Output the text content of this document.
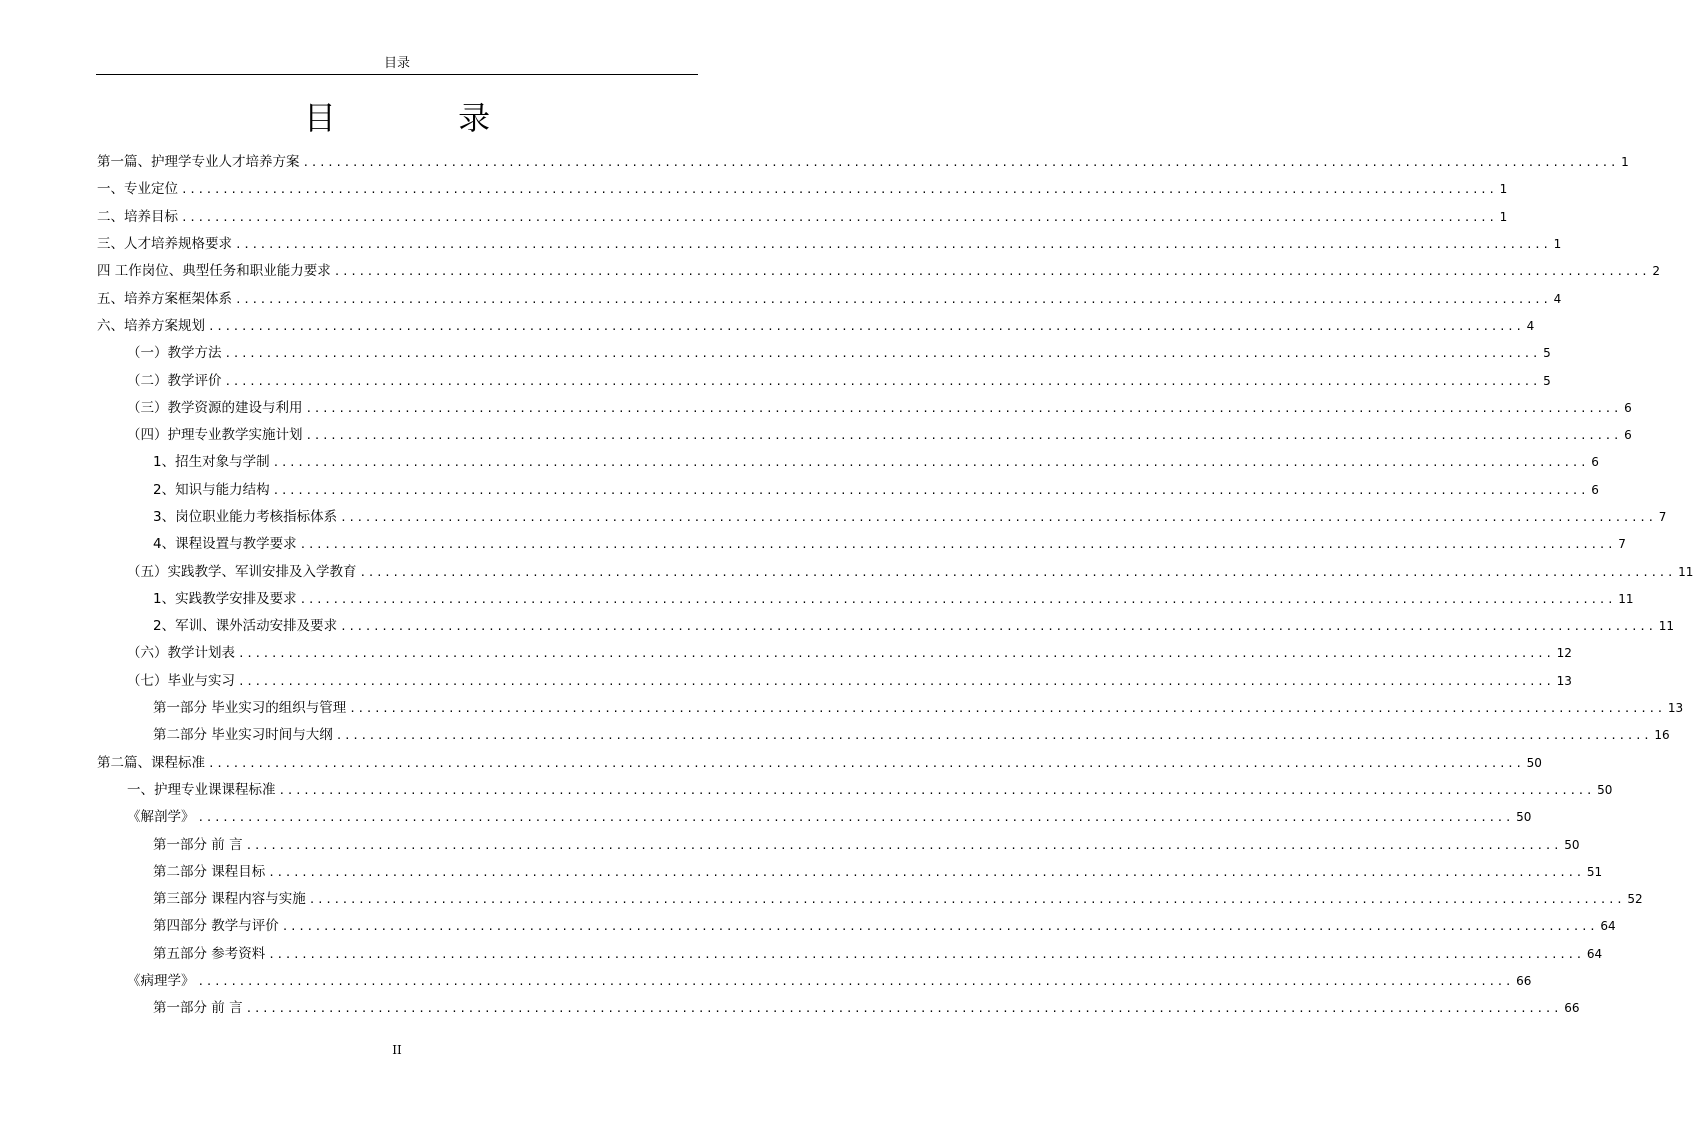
目录
目 录
第一篇、护理学专业人才培养方案 ................................................................................................................................................................ 1
一、专业定位 ................................................................................................................................................................ 1
二、培养目标 ................................................................................................................................................................ 1
三、人才培养规格要求 ................................................................................................................................................................ 1
四 工作岗位、典型任务和职业能力要求 ................................................................................................................................................................ 2
五、培养方案框架体系 ................................................................................................................................................................ 4
六、培养方案规划 ................................................................................................................................................................ 4
（一）教学方法 ................................................................................................................................................................ 5
（二）教学评价 ................................................................................................................................................................ 5
（三）教学资源的建设与利用 ................................................................................................................................................................ 6
（四）护理专业教学实施计划 ................................................................................................................................................................ 6
1、招生对象与学制 ................................................................................................................................................................ 6
2、知识与能力结构 ................................................................................................................................................................ 6
3、岗位职业能力考核指标体系 ................................................................................................................................................................ 7
4、课程设置与教学要求 ................................................................................................................................................................ 7
（五）实践教学、军训安排及入学教育 ................................................................................................................................................................ 11
1、实践教学安排及要求 ................................................................................................................................................................ 11
2、军训、课外活动安排及要求 ................................................................................................................................................................ 11
（六）教学计划表 ................................................................................................................................................................ 12
（七）毕业与实习 ................................................................................................................................................................ 13
第一部分 毕业实习的组织与管理 ................................................................................................................................................................ 13
第二部分 毕业实习时间与大纲 ................................................................................................................................................................ 16
第二篇、课程标准 ................................................................................................................................................................ 50
一、护理专业课课程标准 ................................................................................................................................................................ 50
《解剖学》 ................................................................................................................................................................ 50
第一部分 前 言 ................................................................................................................................................................ 50
第二部分 课程目标 ................................................................................................................................................................ 51
第三部分 课程内容与实施 ................................................................................................................................................................ 52
第四部分 教学与评价 ................................................................................................................................................................ 64
第五部分 参考资料 ................................................................................................................................................................ 64
《病理学》 ................................................................................................................................................................ 66
第一部分 前 言 ................................................................................................................................................................ 66
II
